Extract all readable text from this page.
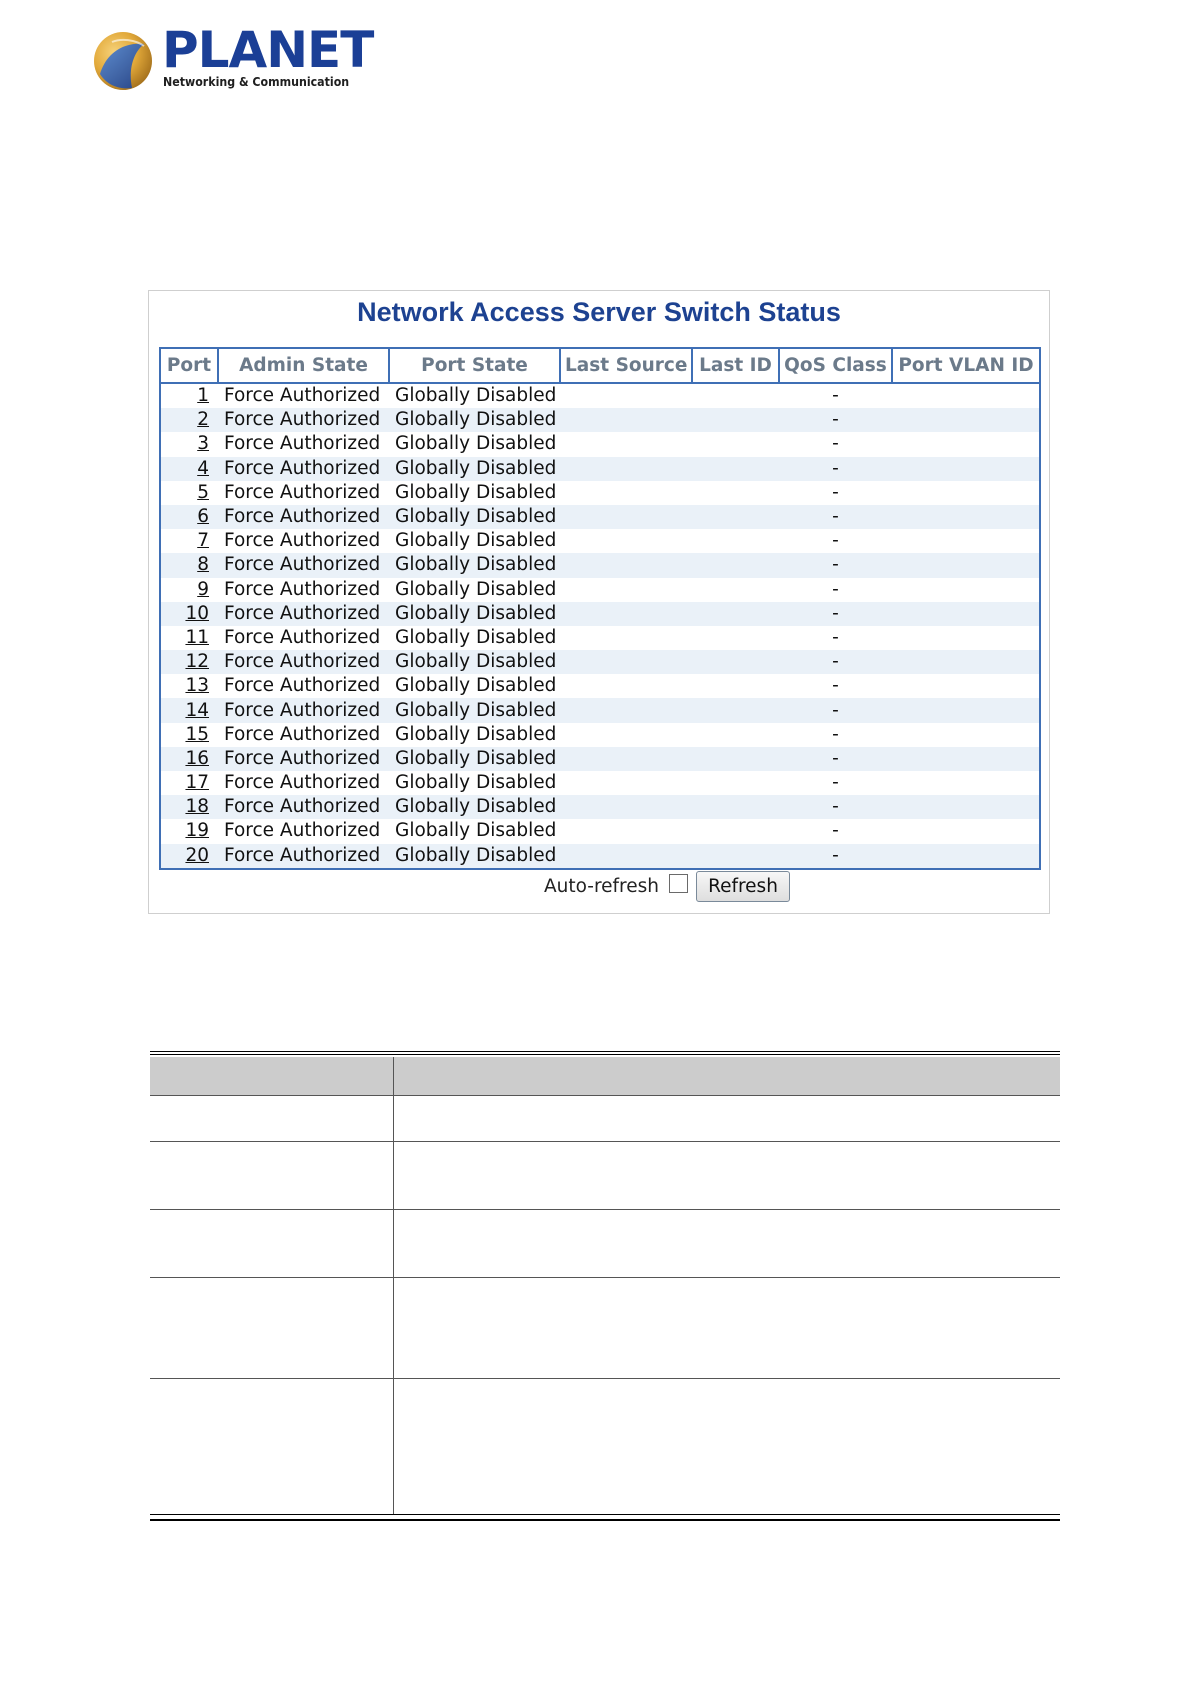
PLANET
Networking & Communication
Network Access Server Switch Status
Port	Admin State	Port State	Last Source	Last ID	QoS Class	Port VLAN ID
1	Force Authorized	Globally Disabled			-	
2	Force Authorized	Globally Disabled			-	
3	Force Authorized	Globally Disabled			-	
4	Force Authorized	Globally Disabled			-	
5	Force Authorized	Globally Disabled			-	
6	Force Authorized	Globally Disabled			-	
7	Force Authorized	Globally Disabled			-	
8	Force Authorized	Globally Disabled			-	
9	Force Authorized	Globally Disabled			-	
10	Force Authorized	Globally Disabled			-	
11	Force Authorized	Globally Disabled			-	
12	Force Authorized	Globally Disabled			-	
13	Force Authorized	Globally Disabled			-	
14	Force Authorized	Globally Disabled			-	
15	Force Authorized	Globally Disabled			-	
16	Force Authorized	Globally Disabled			-	
17	Force Authorized	Globally Disabled			-	
18	Force Authorized	Globally Disabled			-	
19	Force Authorized	Globally Disabled			-	
20	Force Authorized	Globally Disabled			-	
Auto-refresh	Refresh
